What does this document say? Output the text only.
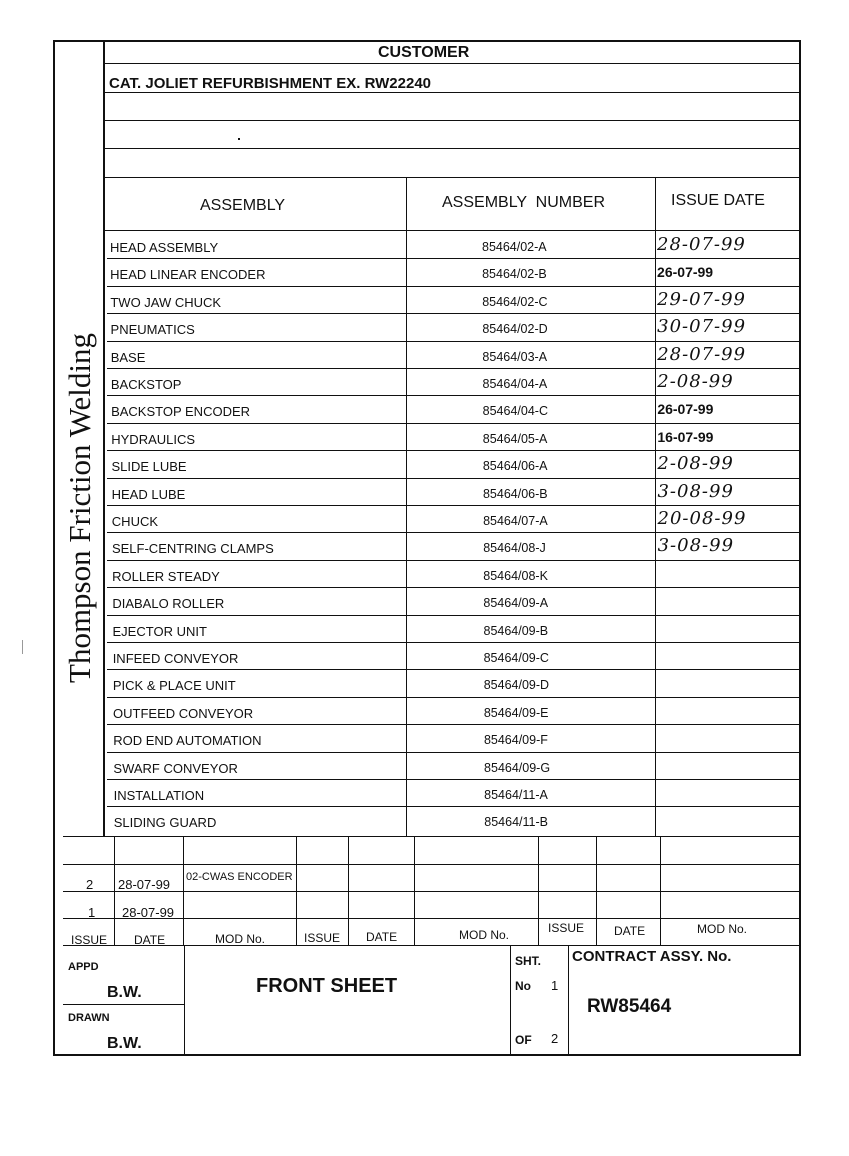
Thompson Friction Welding
CUSTOMER
CAT. JOLIET REFURBISHMENT EX. RW22240
ASSEMBLY	ASSEMBLY  NUMBER	ISSUE DATE
HEAD ASSEMBLY	85464/02-A	28-07-99
HEAD LINEAR ENCODER	85464/02-B	26-07-99
TWO JAW CHUCK	85464/02-C	29-07-99
PNEUMATICS	85464/02-D	30-07-99
BASE	85464/03-A	28-07-99
BACKSTOP	85464/04-A	2-08-99
BACKSTOP ENCODER	85464/04-C	26-07-99
HYDRAULICS	85464/05-A	16-07-99
SLIDE LUBE	85464/06-A	2-08-99
HEAD LUBE	85464/06-B	3-08-99
CHUCK	85464/07-A	20-08-99
SELF-CENTRING CLAMPS	85464/08-J	3-08-99
ROLLER STEADY	85464/08-K
DIABALO ROLLER	85464/09-A
EJECTOR UNIT	85464/09-B
INFEED CONVEYOR	85464/09-C
PICK & PLACE UNIT	85464/09-D
OUTFEED CONVEYOR	85464/09-E
ROD END AUTOMATION	85464/09-F
SWARF CONVEYOR	85464/09-G
INSTALLATION	85464/11-A
SLIDING GUARD	85464/11-B
2 28-07-99 02-CWAS ENCODER
1 28-07-99
ISSUE DATE	MOD No.	ISSUE DATE	MOD No.	ISSUE DATE	MOD No.
APPD
B.W.
DRAWN
B.W.
FRONT SHEET
SHT.
No 1
OF 2
CONTRACT ASSY. No.
RW85464
